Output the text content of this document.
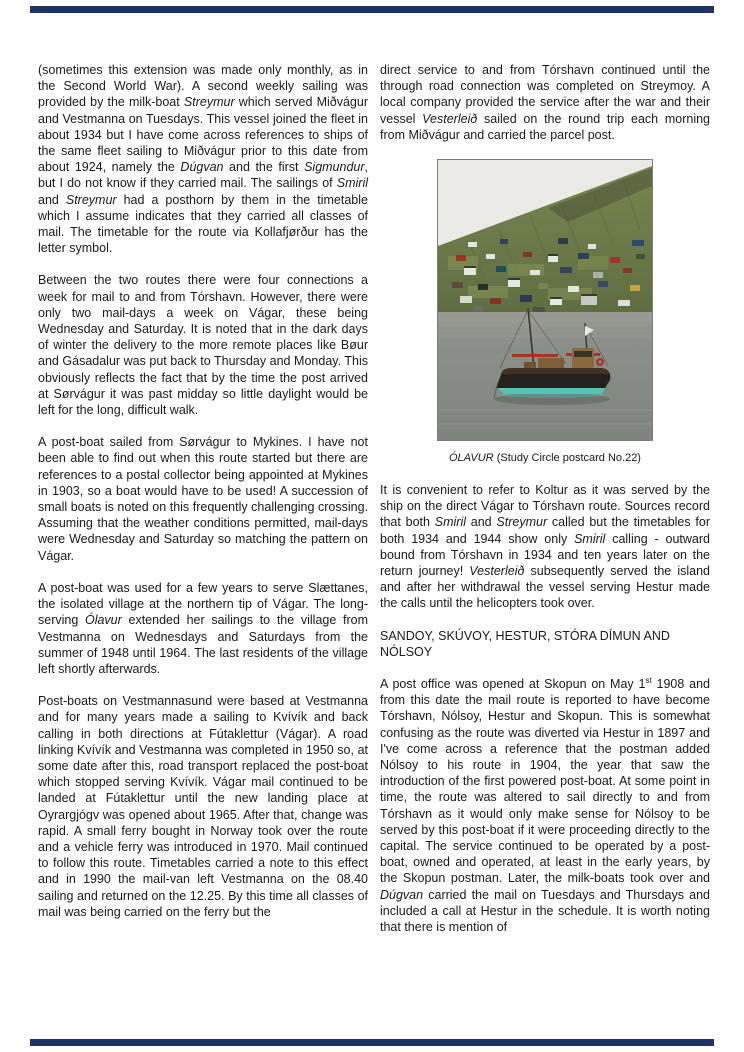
(sometimes this extension was made only monthly, as in the Second World War). A second weekly sailing was provided by the milk-boat Streymur which served Miðvágur and Vestmanna on Tuesdays. This vessel joined the fleet in about 1934 but I have come across references to ships of the same fleet sailing to Miðvágur prior to this date from about 1924, namely the Dúgvan and the first Sigmundur, but I do not know if they carried mail. The sailings of Smiril and Streymur had a posthorn by them in the timetable which I assume indicates that they carried all classes of mail. The timetable for the route via Kollafjørður has the letter symbol.

Between the two routes there were four connections a week for mail to and from Tórshavn. However, there were only two mail-days a week on Vágar, these being Wednesday and Saturday. It is noted that in the dark days of winter the delivery to the more remote places like Bøur and Gásadalur was put back to Thursday and Monday. This obviously reflects the fact that by the time the post arrived at Sørvágur it was past midday so little daylight would be left for the long, difficult walk.

A post-boat sailed from Sørvágur to Mykines. I have not been able to find out when this route started but there are references to a postal collector being appointed at Mykines in 1903, so a boat would have to be used! A succession of small boats is noted on this frequently challenging crossing. Assuming that the weather conditions permitted, mail-days were Wednesday and Saturday so matching the pattern on Vágar.

A post-boat was used for a few years to serve Slættanes, the isolated village at the northern tip of Vágar. The long-serving Ólavur extended her sailings to the village from Vestmanna on Wednesdays and Saturdays from the summer of 1948 until 1964. The last residents of the village left shortly afterwards.

Post-boats on Vestmannasund were based at Vestmanna and for many years made a sailing to Kvívík and back calling in both directions at Fútaklettur (Vágar). A road linking Kvívík and Vestmanna was completed in 1950 so, at some date after this, road transport replaced the post-boat which stopped serving Kvívík. Vágar mail continued to be landed at Fútaklettur until the new landing place at Oyrargjógv was opened about 1965. After that, change was rapid. A small ferry bought in Norway took over the route and a vehicle ferry was introduced in 1970. Mail continued to follow this route. Timetables carried a note to this effect and in 1990 the mail-van left Vestmanna on the 08.40 sailing and returned on the 12.25. By this time all classes of mail was being carried on the ferry but the

direct service to and from Tórshavn continued until the through road connection was completed on Streymoy. A local company provided the service after the war and their vessel Vesterleið sailed on the round trip each morning from Miðvágur and carried the parcel post.

ÓLAVUR (Study Circle postcard No.22)

It is convenient to refer to Koltur as it was served by the ship on the direct Vágar to Tórshavn route. Sources record that both Smiril and Streymur called but the timetables for both 1934 and 1944 show only Smiril calling - outward bound from Tórshavn in 1934 and ten years later on the return journey! Vesterleið subsequently served the island and after her withdrawal the vessel serving Hestur made the calls until the helicopters took over.

SANDOY, SKÚVOY, HESTUR, STÓRA DÍMUN AND NÓLSOY

A post office was opened at Skopun on May 1st 1908 and from this date the mail route is reported to have become Tórshavn, Nólsoy, Hestur and Skopun. This is somewhat confusing as the route was diverted via Hestur in 1897 and I've come across a reference that the postman added Nólsoy to his route in 1904, the year that saw the introduction of the first powered post-boat. At some point in time, the route was altered to sail directly to and from Tórshavn as it would only make sense for Nólsoy to be served by this post-boat if it were proceeding directly to the capital. The service continued to be operated by a post-boat, owned and operated, at least in the early years, by the Skopun postman. Later, the milk-boats took over and Dúgvan carried the mail on Tuesdays and Thursdays and included a call at Hestur in the schedule. It is worth noting that there is mention of
